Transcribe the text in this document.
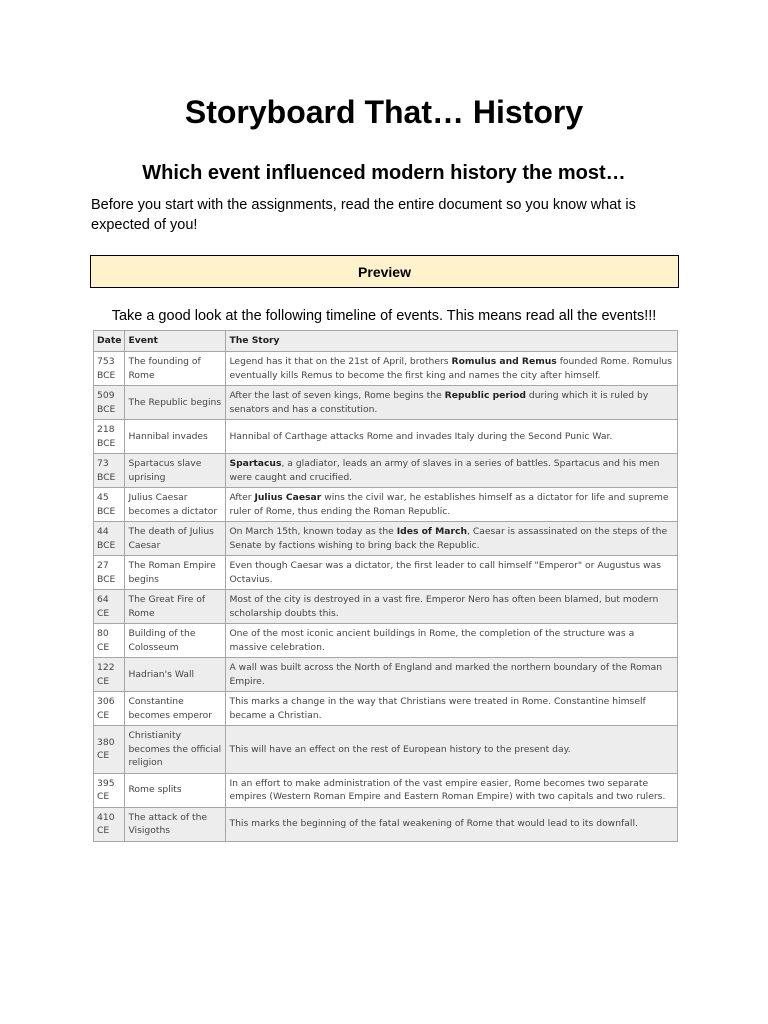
Storyboard That… History
Which event influenced modern history the most…
Before you start with the assignments, read the entire document so you know what is expected of you!
Preview
Take a good look at the following timeline of events. This means read all the events!!!
Date	Event	The Story
753 BCE	The founding of Rome	Legend has it that on the 21st of April, brothers Romulus and Remus founded Rome. Romulus eventually kills Remus to become the first king and names the city after himself.
509 BCE	The Republic begins	After the last of seven kings, Rome begins the Republic period during which it is ruled by senators and has a constitution.
218 BCE	Hannibal invades	Hannibal of Carthage attacks Rome and invades Italy during the Second Punic War.
73 BCE	Spartacus slave uprising	Spartacus, a gladiator, leads an army of slaves in a series of battles. Spartacus and his men were caught and crucified.
45 BCE	Julius Caesar becomes a dictator	After Julius Caesar wins the civil war, he establishes himself as a dictator for life and supreme ruler of Rome, thus ending the Roman Republic.
44 BCE	The death of Julius Caesar	On March 15th, known today as the Ides of March, Caesar is assassinated on the steps of the Senate by factions wishing to bring back the Republic.
27 BCE	The Roman Empire begins	Even though Caesar was a dictator, the first leader to call himself "Emperor" or Augustus was Octavius.
64 CE	The Great Fire of Rome	Most of the city is destroyed in a vast fire. Emperor Nero has often been blamed, but modern scholarship doubts this.
80 CE	Building of the Colosseum	One of the most iconic ancient buildings in Rome, the completion of the structure was a massive celebration.
122 CE	Hadrian's Wall	A wall was built across the North of England and marked the northern boundary of the Roman Empire.
306 CE	Constantine becomes emperor	This marks a change in the way that Christians were treated in Rome. Constantine himself became a Christian.
380 CE	Christianity becomes the official religion	This will have an effect on the rest of European history to the present day.
395 CE	Rome splits	In an effort to make administration of the vast empire easier, Rome becomes two separate empires (Western Roman Empire and Eastern Roman Empire) with two capitals and two rulers.
410 CE	The attack of the Visigoths	This marks the beginning of the fatal weakening of Rome that would lead to its downfall.
